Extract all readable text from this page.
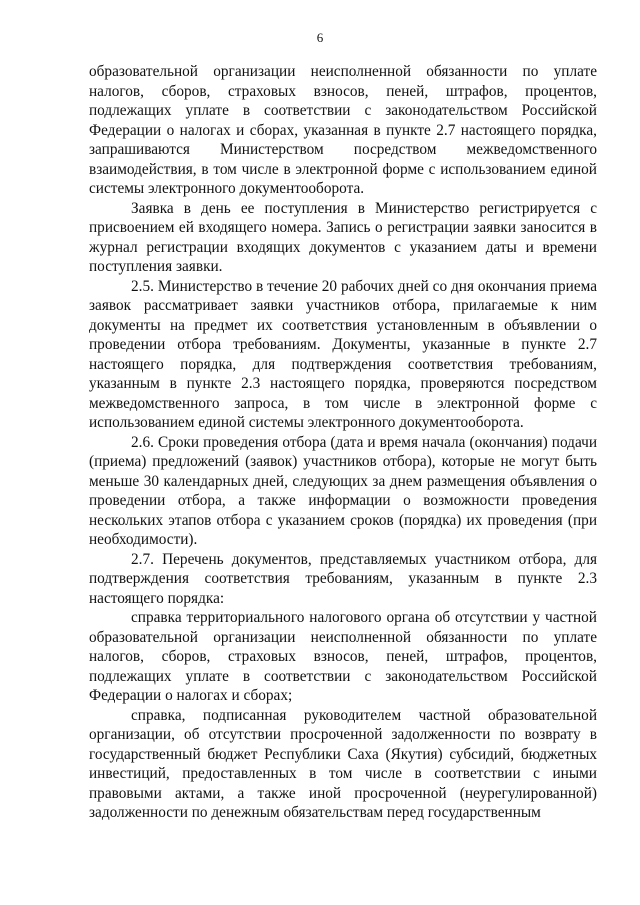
6

образовательной организации неисполненной обязанности по уплате налогов, сборов, страховых взносов, пеней, штрафов, процентов, подлежащих уплате в соответствии с законодательством Российской Федерации о налогах и сборах, указанная в пункте 2.7 настоящего порядка, запрашиваются Министерством посредством межведомственного взаимодействия, в том числе в электронной форме с использованием единой системы электронного документооборота.

Заявка в день ее поступления в Министерство регистрируется с присвоением ей входящего номера. Запись о регистрации заявки заносится в журнал регистрации входящих документов с указанием даты и времени поступления заявки.

2.5. Министерство в течение 20 рабочих дней со дня окончания приема заявок рассматривает заявки участников отбора, прилагаемые к ним документы на предмет их соответствия установленным в объявлении о проведении отбора требованиям. Документы, указанные в пункте 2.7 настоящего порядка, для подтверждения соответствия требованиям, указанным в пункте 2.3 настоящего порядка, проверяются посредством межведомственного запроса, в том числе в электронной форме с использованием единой системы электронного документооборота.

2.6. Сроки проведения отбора (дата и время начала (окончания) подачи (приема) предложений (заявок) участников отбора), которые не могут быть меньше 30 календарных дней, следующих за днем размещения объявления о проведении отбора, а также информации о возможности проведения нескольких этапов отбора с указанием сроков (порядка) их проведения (при необходимости).

2.7. Перечень документов, представляемых участником отбора, для подтверждения соответствия требованиям, указанным в пункте 2.3 настоящего порядка:

справка территориального налогового органа об отсутствии у частной образовательной организации неисполненной обязанности по уплате налогов, сборов, страховых взносов, пеней, штрафов, процентов, подлежащих уплате в соответствии с законодательством Российской Федерации о налогах и сборах;

справка, подписанная руководителем частной образовательной организации, об отсутствии просроченной задолженности по возврату в государственный бюджет Республики Саха (Якутия) субсидий, бюджетных инвестиций, предоставленных в том числе в соответствии с иными правовыми актами, а также иной просроченной (неурегулированной) задолженности по денежным обязательствам перед государственным
